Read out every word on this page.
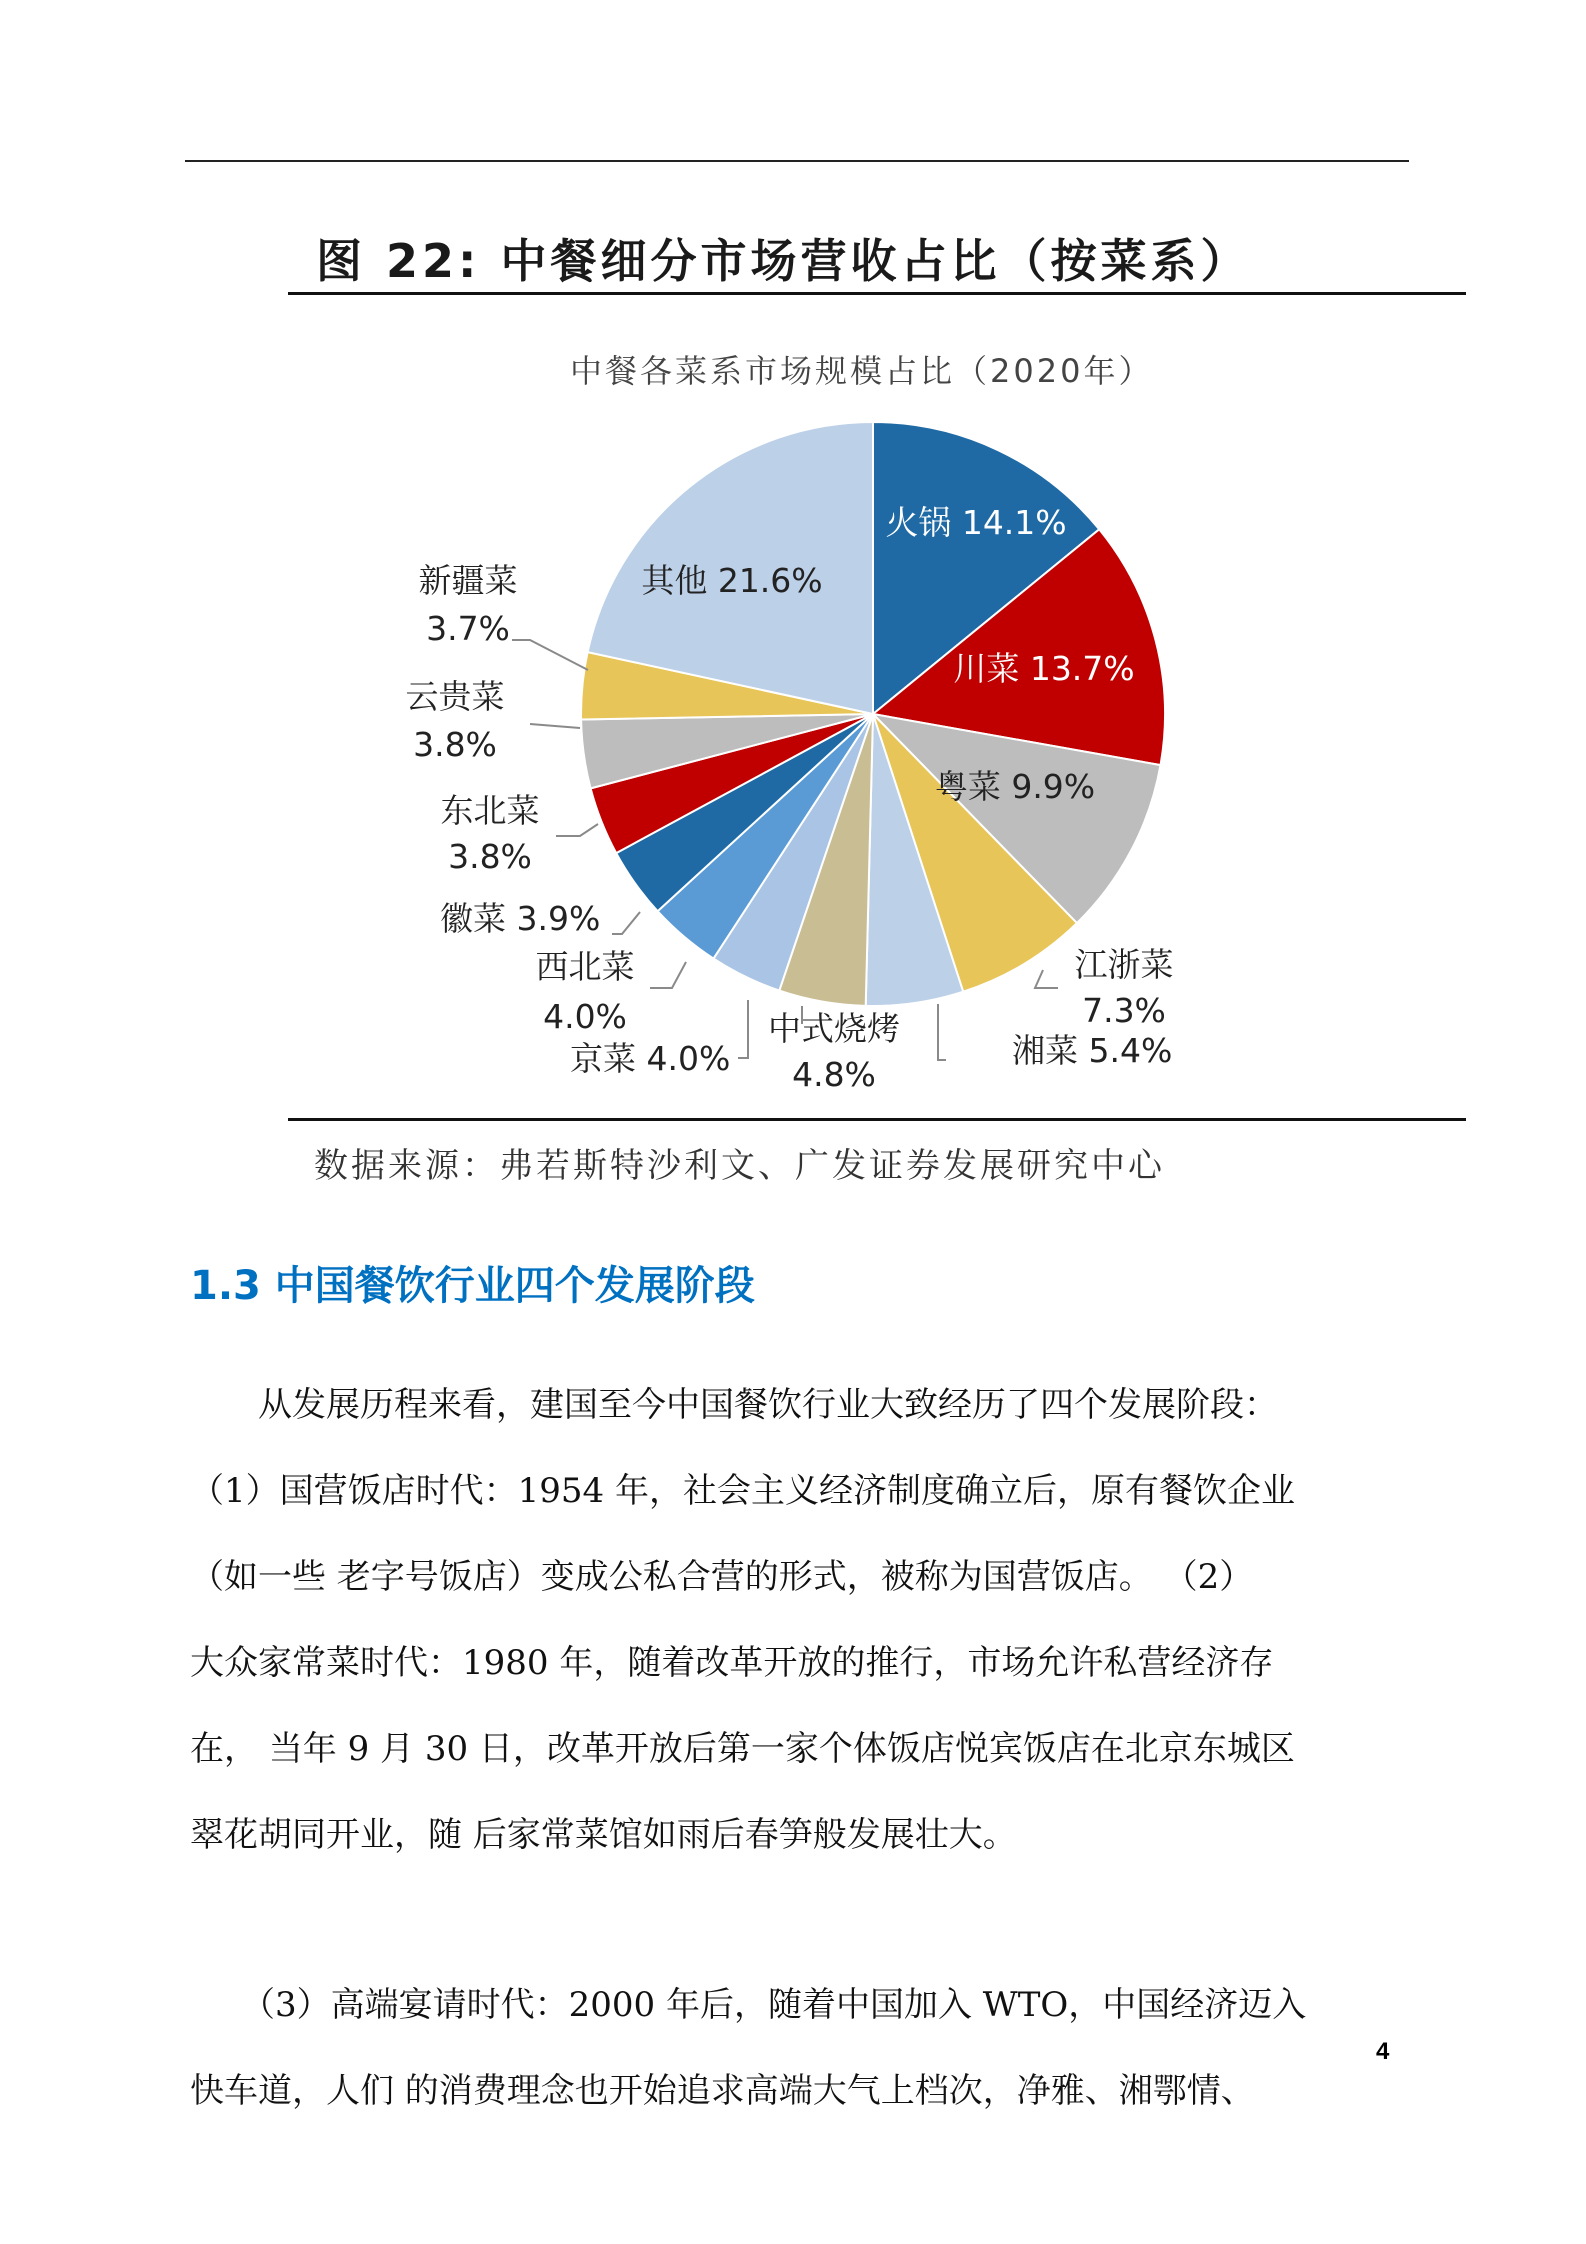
图 22: 中餐细分市场营收占比（按菜系）
中餐各菜系市场规模占比（2020年）
火锅 14.1%
川菜 13.7%
粤菜 9.9%
江浙菜
7.3%
湘菜 5.4%
中式烧烤
4.8%
京菜 4.0%
西北菜
4.0%
徽菜 3.9%
东北菜
3.8%
云贵菜
3.8%
新疆菜
3.7%
其他 21.6%
数据来源：弗若斯特沙利文、广发证券发展研究中心
1.3 中国餐饮行业四个发展阶段

　　从发展历程来看，建国至今中国餐饮行业大致经历了四个发展阶段：

（1）国营饭店时代：1954 年，社会主义经济制度确立后，原有餐饮企业

（如一些 老字号饭店）变成公私合营的形式，被称为国营饭店。 （2）

大众家常菜时代：1980 年，随着改革开放的推行，市场允许私营经济存

在， 当年 9 月 30 日，改革开放后第一家个体饭店悦宾饭店在北京东城区

翠花胡同开业，随 后家常菜馆如雨后春笋般发展壮大。

　　（3）高端宴请时代：2000 年后，随着中国加入 WTO，中国经济迈入

快车道，人们 的消费理念也开始追求高端大气上档次，净雅、湘鄂情、

4
